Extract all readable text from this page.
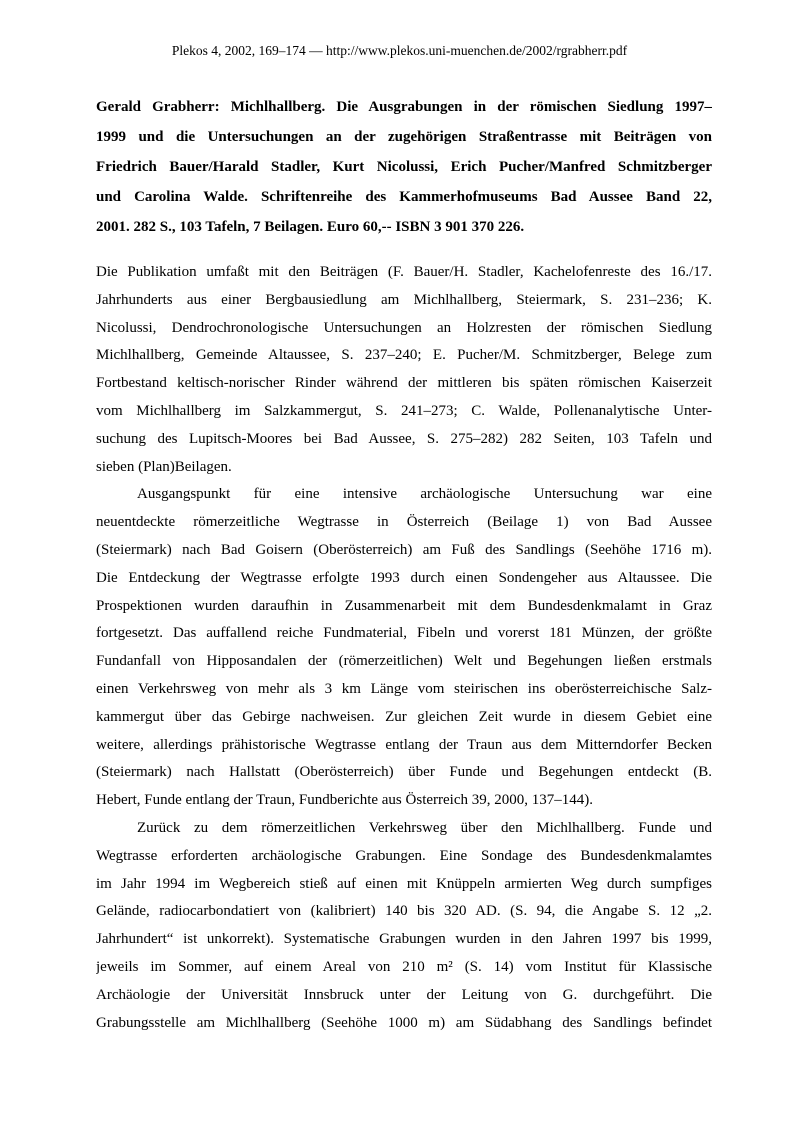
Plekos 4, 2002, 169–174 — http://www.plekos.uni-muenchen.de/2002/rgrabherr.pdf
Gerald Grabherr: Michlhallberg. Die Ausgrabungen in der römischen Siedlung 1997–
1999 und die Untersuchungen an der zugehörigen Straßentrasse mit Beiträgen von
Friedrich Bauer/Harald Stadler, Kurt Nicolussi, Erich Pucher/Manfred Schmitzberger
und Carolina Walde. Schriftenreihe des Kammerhofmuseums Bad Aussee Band 22,
2001. 282 S., 103 Tafeln, 7 Beilagen. Euro 60,-- ISBN 3 901 370 226.
Die Publikation umfaßt mit den Beiträgen (F. Bauer/H. Stadler, Kachelofenreste des 16./17.
Jahrhunderts aus einer Bergbausiedlung am Michlhallberg, Steiermark, S. 231–236; K.
Nicolussi, Dendrochronologische Untersuchungen an Holzresten der römischen Siedlung
Michlhallberg, Gemeinde Altaussee, S. 237–240; E. Pucher/M. Schmitzberger, Belege zum
Fortbestand keltisch-norischer Rinder während der mittleren bis späten römischen Kaiserzeit
vom Michlhallberg im Salzkammergut, S. 241–273; C. Walde, Pollenanalytische Unter-
suchung des Lupitsch-Moores bei Bad Aussee, S. 275–282) 282 Seiten, 103 Tafeln und
sieben (Plan)Beilagen.
Ausgangspunkt für eine intensive archäologische Untersuchung war eine
neuentdeckte römerzeitliche Wegtrasse in Österreich (Beilage 1) von Bad Aussee
(Steiermark) nach Bad Goisern (Oberösterreich) am Fuß des Sandlings (Seehöhe 1716 m).
Die Entdeckung der Wegtrasse erfolgte 1993 durch einen Sondengeher aus Altaussee. Die
Prospektionen wurden daraufhin in Zusammenarbeit mit dem Bundesdenkmalamt in Graz
fortgesetzt. Das auffallend reiche Fundmaterial, Fibeln und vorerst 181 Münzen, der größte
Fundanfall von Hipposandalen der (römerzeitlichen) Welt und Begehungen ließen erstmals
einen Verkehrsweg von mehr als 3 km Länge vom steirischen ins oberösterreichische Salz-
kammergut über das Gebirge nachweisen. Zur gleichen Zeit wurde in diesem Gebiet eine
weitere, allerdings prähistorische Wegtrasse entlang der Traun aus dem Mitterndorfer Becken
(Steiermark) nach Hallstatt (Oberösterreich) über Funde und Begehungen entdeckt (B.
Hebert, Funde entlang der Traun, Fundberichte aus Österreich 39, 2000, 137–144).
Zurück zu dem römerzeitlichen Verkehrsweg über den Michlhallberg. Funde und
Wegtrasse erforderten archäologische Grabungen. Eine Sondage des Bundesdenkmalamtes
im Jahr 1994 im Wegbereich stieß auf einen mit Knüppeln armierten Weg durch sumpfiges
Gelände, radiocarbondatiert von (kalibriert) 140 bis 320 AD. (S. 94, die Angabe S. 12 „2.
Jahrhundert“ ist unkorrekt). Systematische Grabungen wurden in den Jahren 1997 bis 1999,
jeweils im Sommer, auf einem Areal von 210 m² (S. 14) vom Institut für Klassische
Archäologie der Universität Innsbruck unter der Leitung von G. durchgeführt. Die
Grabungsstelle am Michlhallberg (Seehöhe 1000 m) am Südabhang des Sandlings befindet
